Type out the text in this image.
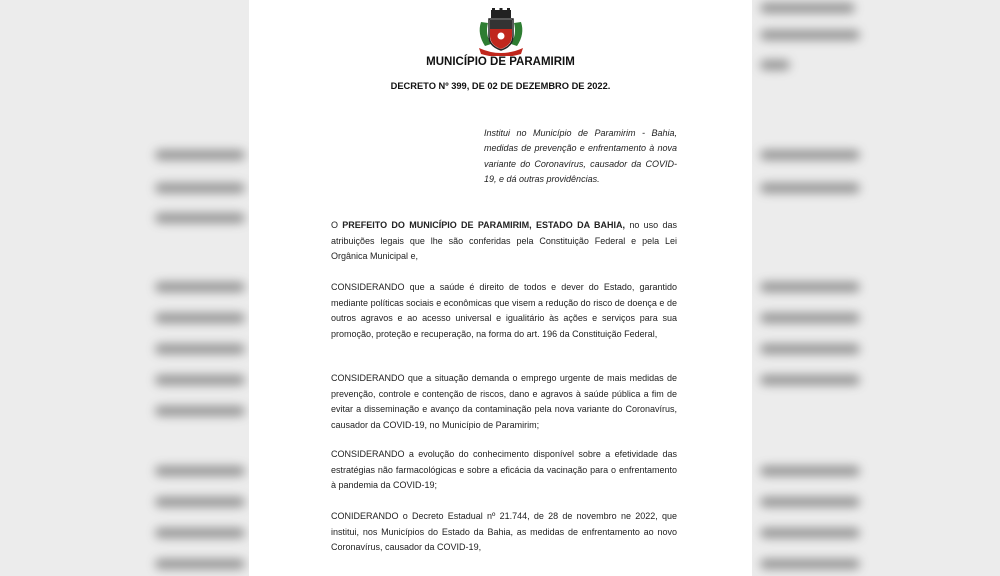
MUNICÍPIO DE PARAMIRIM
DECRETO Nº 399, DE 02 DE DEZEMBRO DE 2022.
Institui no Município de Paramirim - Bahia, medidas de prevenção e enfrentamento à nova variante do Coronavírus, causador da COVID-19, e dá outras providências.
O PREFEITO DO MUNICÍPIO DE PARAMIRIM, ESTADO DA BAHIA, no uso das atribuições legais que lhe são conferidas pela Constituição Federal e pela Lei Orgânica Municipal e,
CONSIDERANDO que a saúde é direito de todos e dever do Estado, garantido mediante políticas sociais e econômicas que visem a redução do risco de doença e de outros agravos e ao acesso universal e igualitário às ações e serviços para sua promoção, proteção e recuperação, na forma do art. 196 da Constituição Federal,
CONSIDERANDO que a situação demanda o emprego urgente de mais medidas de prevenção, controle e contenção de riscos, dano e agravos à saúde pública a fim de evitar a disseminação e avanço da contaminação pela nova variante do Coronavírus, causador da COVID-19, no Município de Paramirim;
CONSIDERANDO a evolução do conhecimento disponível sobre a efetividade das estratégias não farmacológicas e sobre a eficácia da vacinação para o enfrentamento à pandemia da COVID-19;
CONIDERANDO o Decreto Estadual nº 21.744, de 28 de novembro ne 2022, que institui, nos Municípios do Estado da Bahia, as medidas de enfrentamento ao novo Coronavírus, causador da COVID-19,
